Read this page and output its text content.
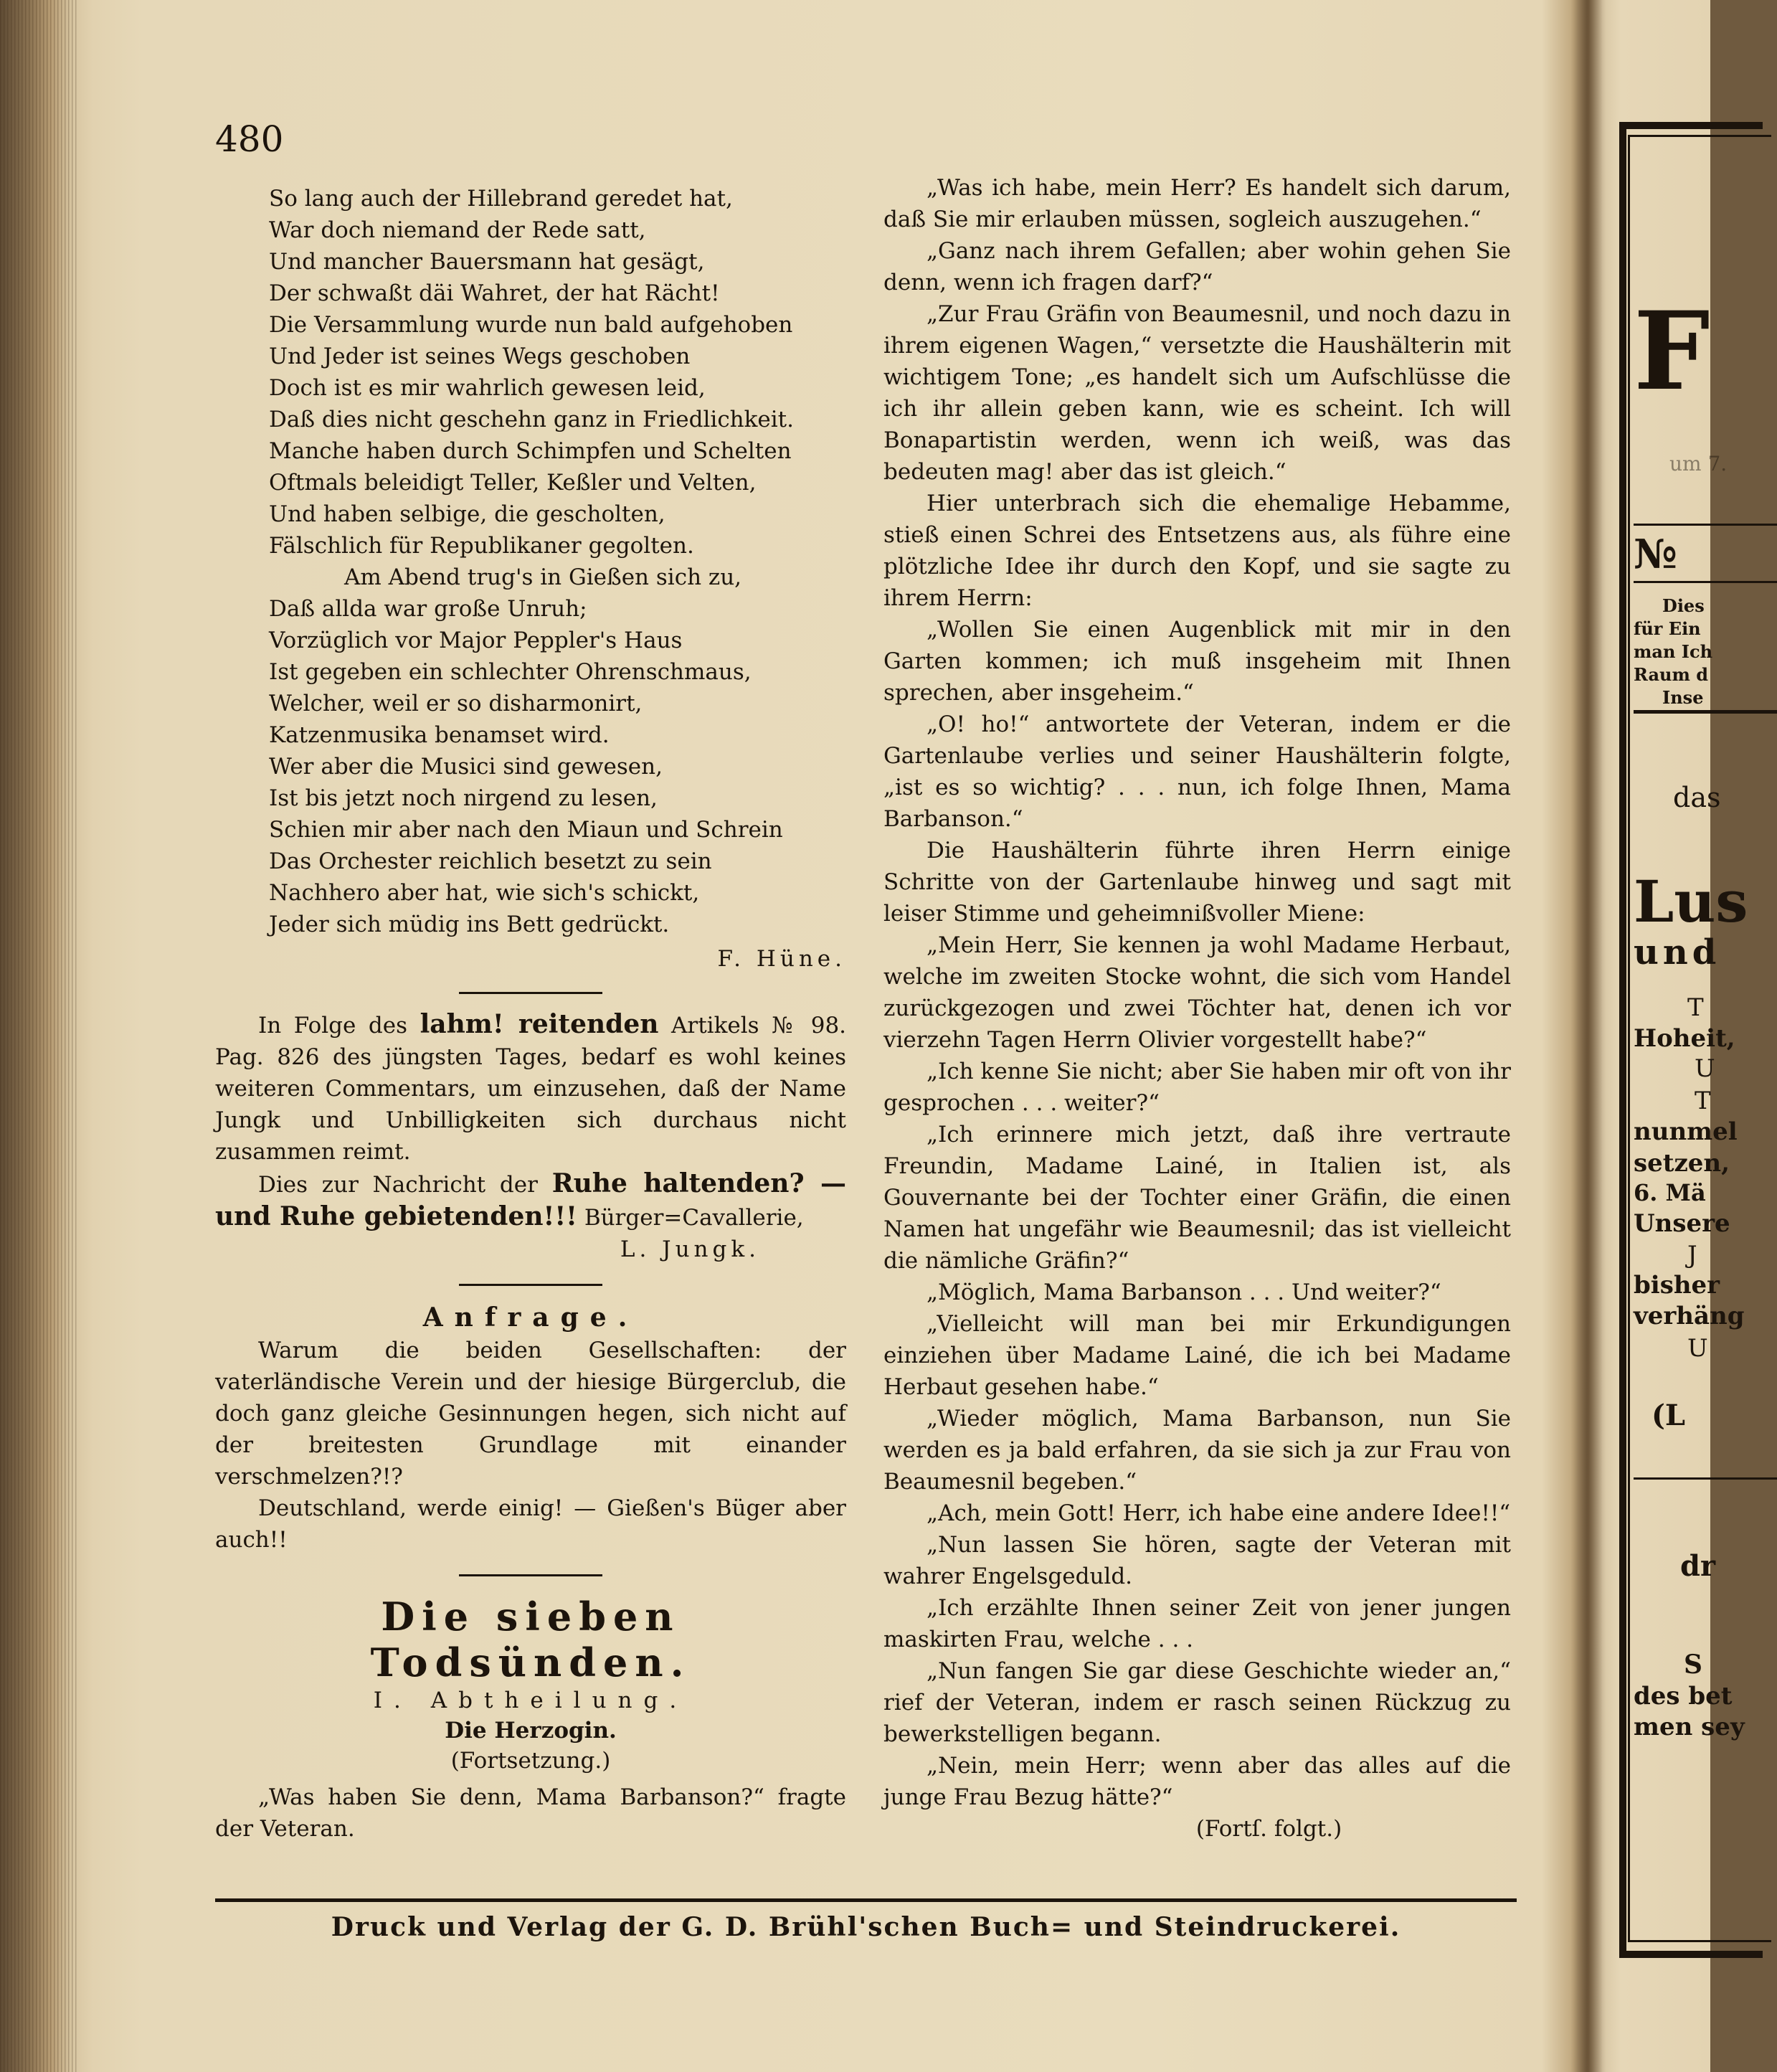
480
So lang auch der Hillebrand geredet hat,
War doch niemand der Rede satt,
Und mancher Bauersmann hat gesägt,
Der schwaßt däi Wahret, der hat Rächt!
Die Versammlung wurde nun bald aufgehoben
Und Jeder ist seines Wegs geschoben
Doch ist es mir wahrlich gewesen leid,
Daß dies nicht geschehn ganz in Friedlichkeit.
Manche haben durch Schimpfen und Schelten
Oftmals beleidigt Teller, Keßler und Velten,
Und haben selbige, die gescholten,
Fälschlich für Republikaner gegolten.
Am Abend trug's in Gießen sich zu,
Daß allda war große Unruh;
Vorzüglich vor Major Peppler's Haus
Ist gegeben ein schlechter Ohrenschmaus,
Welcher, weil er so disharmonirt,
Katzenmusika benamset wird.
Wer aber die Musici sind gewesen,
Ist bis jetzt noch nirgend zu lesen,
Schien mir aber nach den Miaun und Schrein
Das Orchester reichlich besetzt zu sein
Nachhero aber hat, wie sich's schickt,
Jeder sich müdig ins Bett gedrückt.
F. Hüne.

In Folge des lahm! reitenden Artikels № 98. Pag. 826 des jüngsten Tages, bedarf es wohl keines weiteren Commentars, um einzusehen, daß der Name Jungk und Unbilligkeiten sich durchaus nicht zusammen reimt.

Dies zur Nachricht der Ruhe haltenden? — und Ruhe gebietenden!!! Bürger=Cavallerie,

L. Jungk.
Anfrage.

Warum die beiden Gesellschaften: der vaterländische Verein und der hiesige Bürgerclub, die doch ganz gleiche Gesinnungen hegen, sich nicht auf der breitesten Grundlage mit einander verschmelzen?!?

Deutschland, werde einig! — Gießen's Büger aber auch!!

Die sieben Todsünden.
I. Abtheilung.
Die Herzogin.
(Fortsetzung.)

„Was haben Sie denn, Mama Barbanson?“ fragte der Veteran.

„Was ich habe, mein Herr? Es handelt sich darum, daß Sie mir erlauben müssen, sogleich auszugehen.“

„Ganz nach ihrem Gefallen; aber wohin gehen Sie denn, wenn ich fragen darf?“

„Zur Frau Gräfin von Beaumesnil, und noch dazu in ihrem eigenen Wagen,“ versetzte die Haushälterin mit wichtigem Tone; „es handelt sich um Aufschlüsse die ich ihr allein geben kann, wie es scheint. Ich will Bonapartistin werden, wenn ich weiß, was das bedeuten mag! aber das ist gleich.“

Hier unterbrach sich die ehemalige Hebamme, stieß einen Schrei des Entsetzens aus, als führe eine plötzliche Idee ihr durch den Kopf, und sie sagte zu ihrem Herrn:

„Wollen Sie einen Augenblick mit mir in den Garten kommen; ich muß insgeheim mit Ihnen sprechen, aber insgeheim.“

„O! ho!“ antwortete der Veteran, indem er die Gartenlaube verlies und seiner Haushälterin folgte, „ist es so wichtig? . . . nun, ich folge Ihnen, Mama Barbanson.“

Die Haushälterin führte ihren Herrn einige Schritte von der Gartenlaube hinweg und sagt mit leiser Stimme und geheimnißvoller Miene:

„Mein Herr, Sie kennen ja wohl Madame Herbaut, welche im zweiten Stocke wohnt, die sich vom Handel zurückgezogen und zwei Töchter hat, denen ich vor vierzehn Tagen Herrn Olivier vorgestellt habe?“

„Ich kenne Sie nicht; aber Sie haben mir oft von ihr gesprochen . . . weiter?“

„Ich erinnere mich jetzt, daß ihre vertraute Freundin, Madame Lainé, in Italien ist, als Gouvernante bei der Tochter einer Gräfin, die einen Namen hat ungefähr wie Beaumesnil; das ist vielleicht die nämliche Gräfin?“

„Möglich, Mama Barbanson . . . Und weiter?“

„Vielleicht will man bei mir Erkundigungen einziehen über Madame Lainé, die ich bei Madame Herbaut gesehen habe.“

„Wieder möglich, Mama Barbanson, nun Sie werden es ja bald erfahren, da sie sich ja zur Frau von Beaumesnil begeben.“

„Ach, mein Gott! Herr, ich habe eine andere Idee!!“

„Nun lassen Sie hören, sagte der Veteran mit wahrer Engelsgeduld.

„Ich erzählte Ihnen seiner Zeit von jener jungen maskirten Frau, welche . . .

„Nun fangen Sie gar diese Geschichte wieder an,“ rief der Veteran, indem er rasch seinen Rückzug zu bewerkstelligen begann.

„Nein, mein Herr; wenn aber das alles auf die junge Frau Bezug hätte?“

(Fortſ. folgt.)
Druck und Verlag der G. D. Brühl'schen Buch= und Steindruckerei.
F
um 7.
№
Dies
für Ein
man Ich
Raum d
Inse
das
Lus
und
T
Hoheit,
U
T
nunmel
setzen,
6. Mä
Unsere
J
bisher
verhäng
U
(L
dr
S
des bet
men sey
